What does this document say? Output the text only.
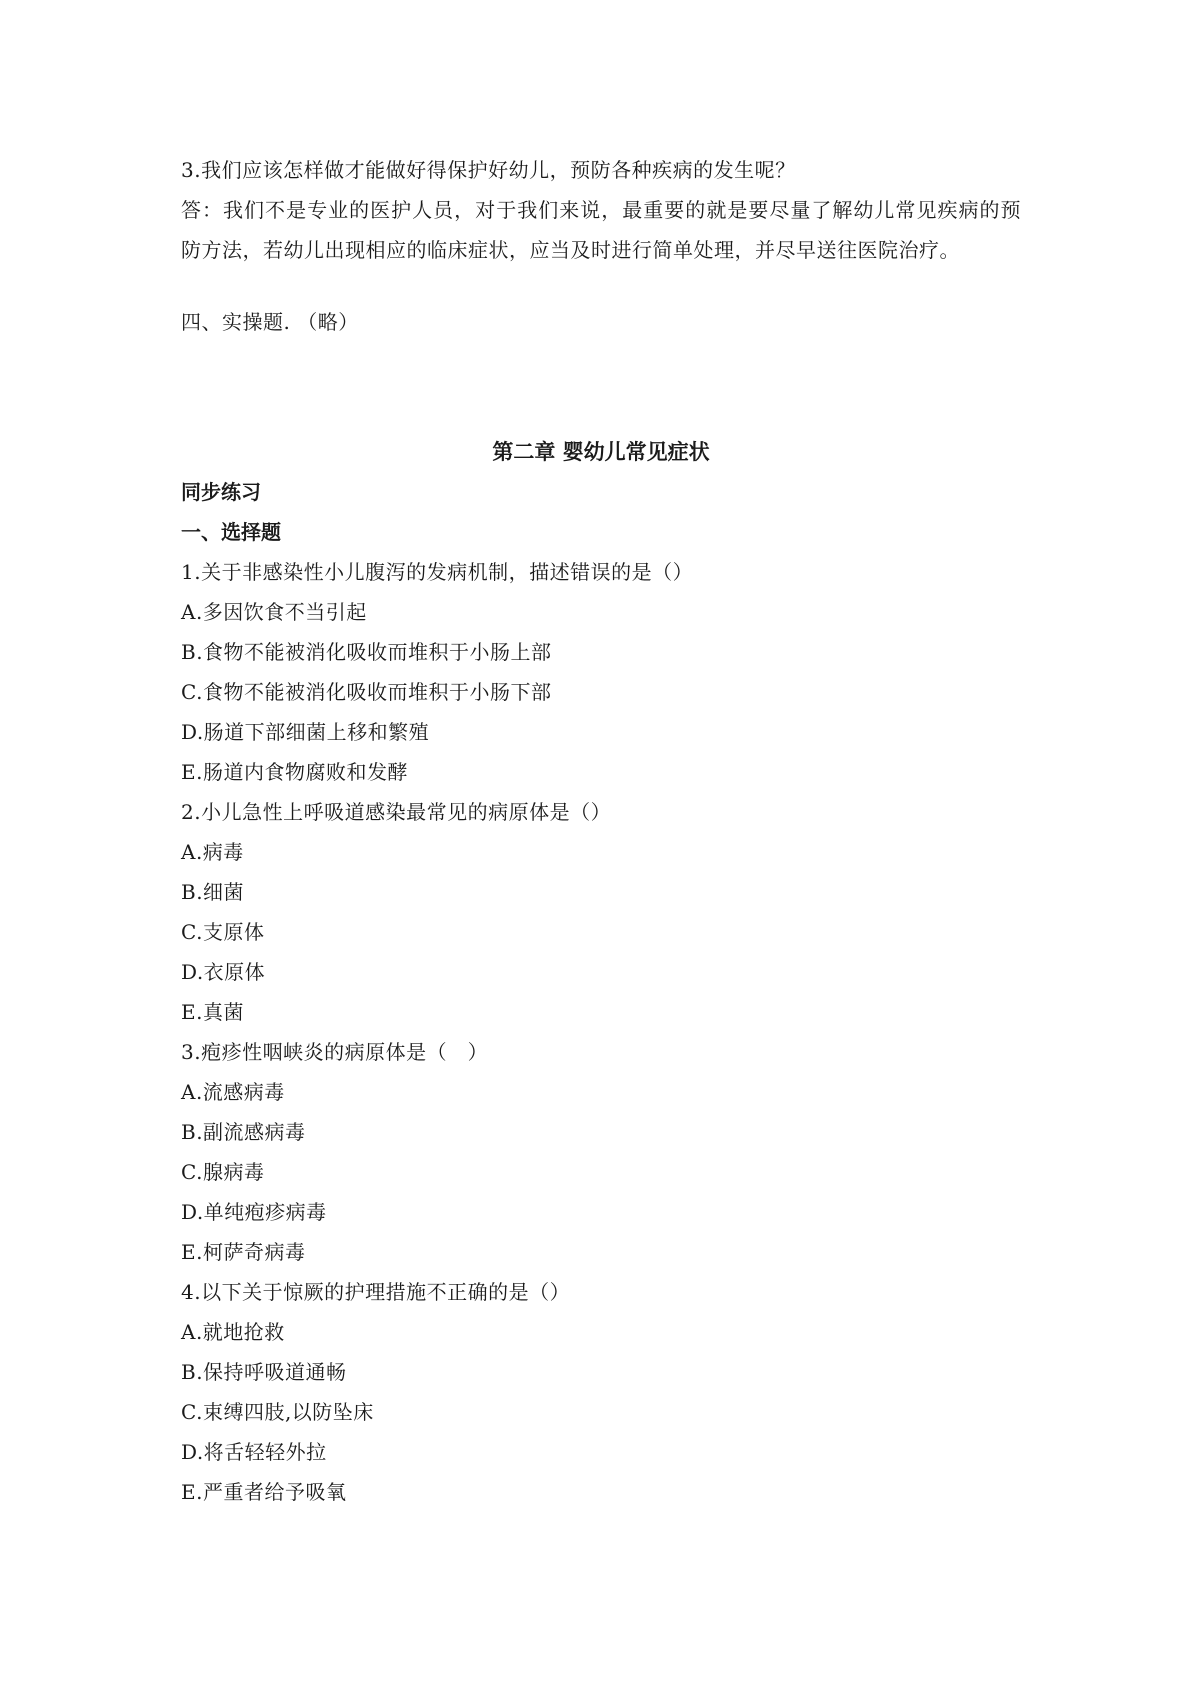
3.我们应该怎样做才能做好得保护好幼儿，预防各种疾病的发生呢？
答：我们不是专业的医护人员，对于我们来说，最重要的就是要尽量了解幼儿常见疾病的预防方法，若幼儿出现相应的临床症状，应当及时进行简单处理，并尽早送往医院治疗。
四、实操题. （略）
第二章 婴幼儿常见症状
同步练习
一、选择题
1.关于非感染性小儿腹泻的发病机制，描述错误的是（）
A.多因饮食不当引起
B.食物不能被消化吸收而堆积于小肠上部
C.食物不能被消化吸收而堆积于小肠下部
D.肠道下部细菌上移和繁殖
E.肠道内食物腐败和发酵
2.小儿急性上呼吸道感染最常见的病原体是（）
A.病毒
B.细菌
C.支原体
D.衣原体
E.真菌
3.疱疹性咽峡炎的病原体是（　）
A.流感病毒
B.副流感病毒
C.腺病毒
D.单纯疱疹病毒
E.柯萨奇病毒
4.以下关于惊厥的护理措施不正确的是（）
A.就地抢救
B.保持呼吸道通畅
C.束缚四肢,以防坠床
D.将舌轻轻外拉
E.严重者给予吸氧
